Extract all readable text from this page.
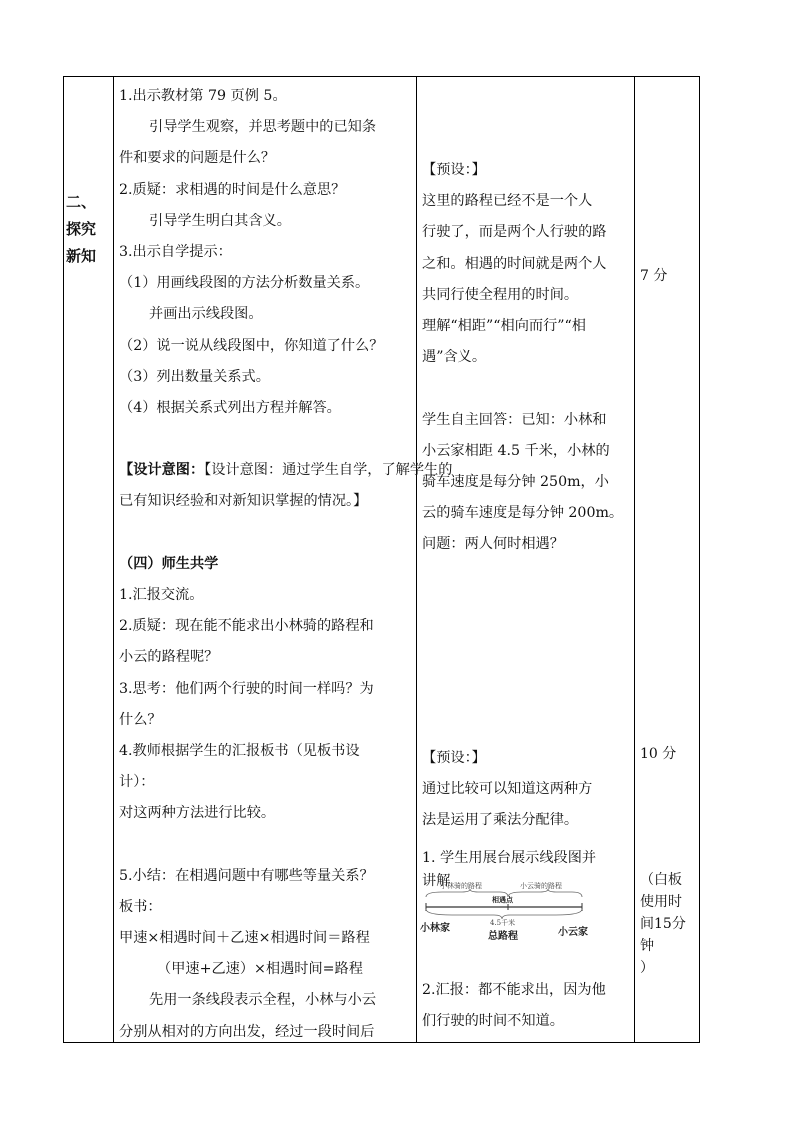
二、
探究
新知
1.出示教材第 79 页例 5。
引导学生观察，并思考题中的已知条
件和要求的问题是什么？
2.质疑：求相遇的时间是什么意思？
引导学生明白其含义。
3.出示自学提示：
（1）用画线段图的方法分析数量关系。
并画出示线段图。
（2）说一说从线段图中，你知道了什么？
（3）列出数量关系式。
（4）根据关系式列出方程并解答。
【设计意图：【设计意图：通过学生自学，了解学生的
已有知识经验和对新知识掌握的情况。】
（四）师生共学
1.汇报交流。
2.质疑：现在能不能求出小林骑的路程和
小云的路程呢？
3.思考：他们两个行驶的时间一样吗？为
什么？
4.教师根据学生的汇报板书（见板书设
计）：
对这两种方法进行比较。
5.小结：在相遇问题中有哪些等量关系？
板书：
甲速×相遇时间＋乙速×相遇时间＝路程
（甲速+乙速）×相遇时间=路程
先用一条线段表示全程，小林与小云
分别从相对的方向出发，经过一段时间后
【预设：】
这里的路程已经不是一个人
行驶了，而是两个人行驶的路
之和。相遇的时间就是两个人
共同行使全程用的时间。
理解“相距”“相向而行”“相
遇”含义。
学生自主回答：已知：小林和
小云家相距 4.5 千米，小林的
骑车速度是每分钟 250m，小
云的骑车速度是每分钟 200m。
问题：两人何时相遇？
【预设：】
通过比较可以知道这两种方
法是运用了乘法分配律。
1. 学生用展台展示线段图并
讲解
小林骑的路程	小云骑的路程
相遇点
4.5千米
小林家
总路程	小云家
2.汇报：都不能求出，因为他
们行驶的时间不知道。
7 分
10 分
（白板
使用时
间15分
钟
）
